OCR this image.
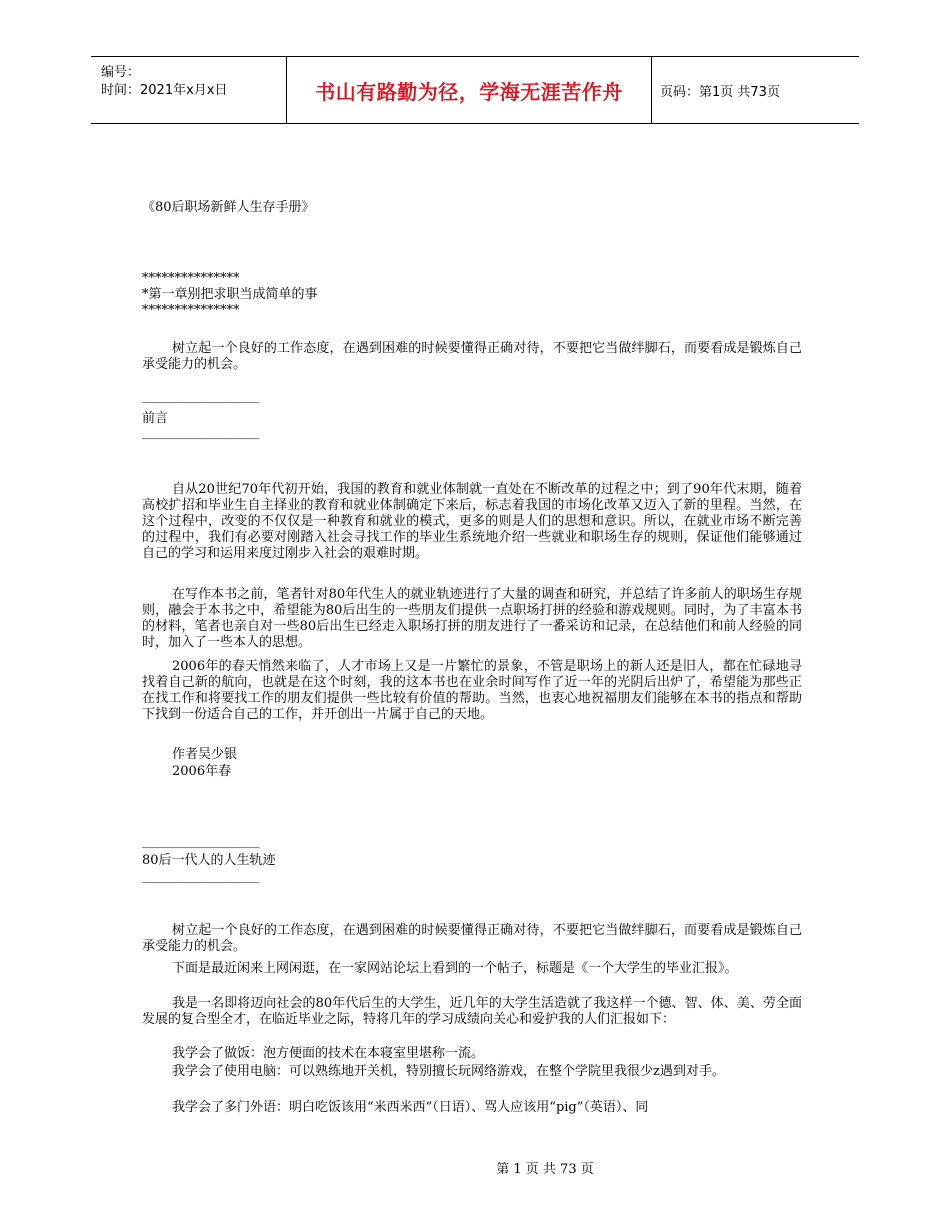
编号：
时间：2021年x月x日	书山有路勤为径，学海无涯苦作舟	页码：第1页 共73页
《80后职场新鲜人生存手册》
***************
*第一章别把求职当成简单的事
***************

树立起一个良好的工作态度，在遇到困难的时候要懂得正确对待，不要把它当做绊脚石，而要看成是锻炼自己承受能力的机会。

_______________
前言
_______________

自从20世纪70年代初开始，我国的教育和就业体制就一直处在不断改革的过程之中；到了90年代末期，随着高校扩招和毕业生自主择业的教育和就业体制确定下来后，标志着我国的市场化改革又迈入了新的里程。当然，在这个过程中，改变的不仅仅是一种教育和就业的模式，更多的则是人们的思想和意识。所以，在就业市场不断完善的过程中，我们有必要对刚踏入社会寻找工作的毕业生系统地介绍一些就业和职场生存的规则，保证他们能够通过自己的学习和运用来度过刚步入社会的艰难时期。

在写作本书之前，笔者针对80年代生人的就业轨迹进行了大量的调查和研究，并总结了许多前人的职场生存规则，融会于本书之中，希望能为80后出生的一些朋友们提供一点职场打拼的经验和游戏规则。同时，为了丰富本书的材料，笔者也亲自对一些80后出生已经走入职场打拼的朋友进行了一番采访和记录，在总结他们和前人经验的同时，加入了一些本人的思想。

2006年的春天悄然来临了，人才市场上又是一片繁忙的景象，不管是职场上的新人还是旧人，都在忙碌地寻找着自己新的航向，也就是在这个时刻，我的这本书也在业余时间写作了近一年的光阴后出炉了，希望能为那些正在找工作和将要找工作的朋友们提供一些比较有价值的帮助。当然，也衷心地祝福朋友们能够在本书的指点和帮助下找到一份适合自己的工作，并开创出一片属于自己的天地。

作者吴少银

2006年春

_______________
80后一代人的人生轨迹
_______________

树立起一个良好的工作态度，在遇到困难的时候要懂得正确对待，不要把它当做绊脚石，而要看成是锻炼自己承受能力的机会。

下面是最近闲来上网闲逛，在一家网站论坛上看到的一个帖子，标题是《一个大学生的毕业汇报》。

我是一名即将迈向社会的80年代后生的大学生，近几年的大学生活造就了我这样一个德、智、体、美、劳全面发展的复合型全才，在临近毕业之际，特将几年的学习成绩向关心和爱护我的人们汇报如下：

我学会了做饭：泡方便面的技术在本寝室里堪称一流。

我学会了使用电脑：可以熟练地开关机，特别擅长玩网络游戏，在整个学院里我很少z遇到对手。

我学会了多门外语：明白吃饭该用“米西米西”（日语）、骂人应该用“pig”（英语）、同

第 1 页 共 73 页
